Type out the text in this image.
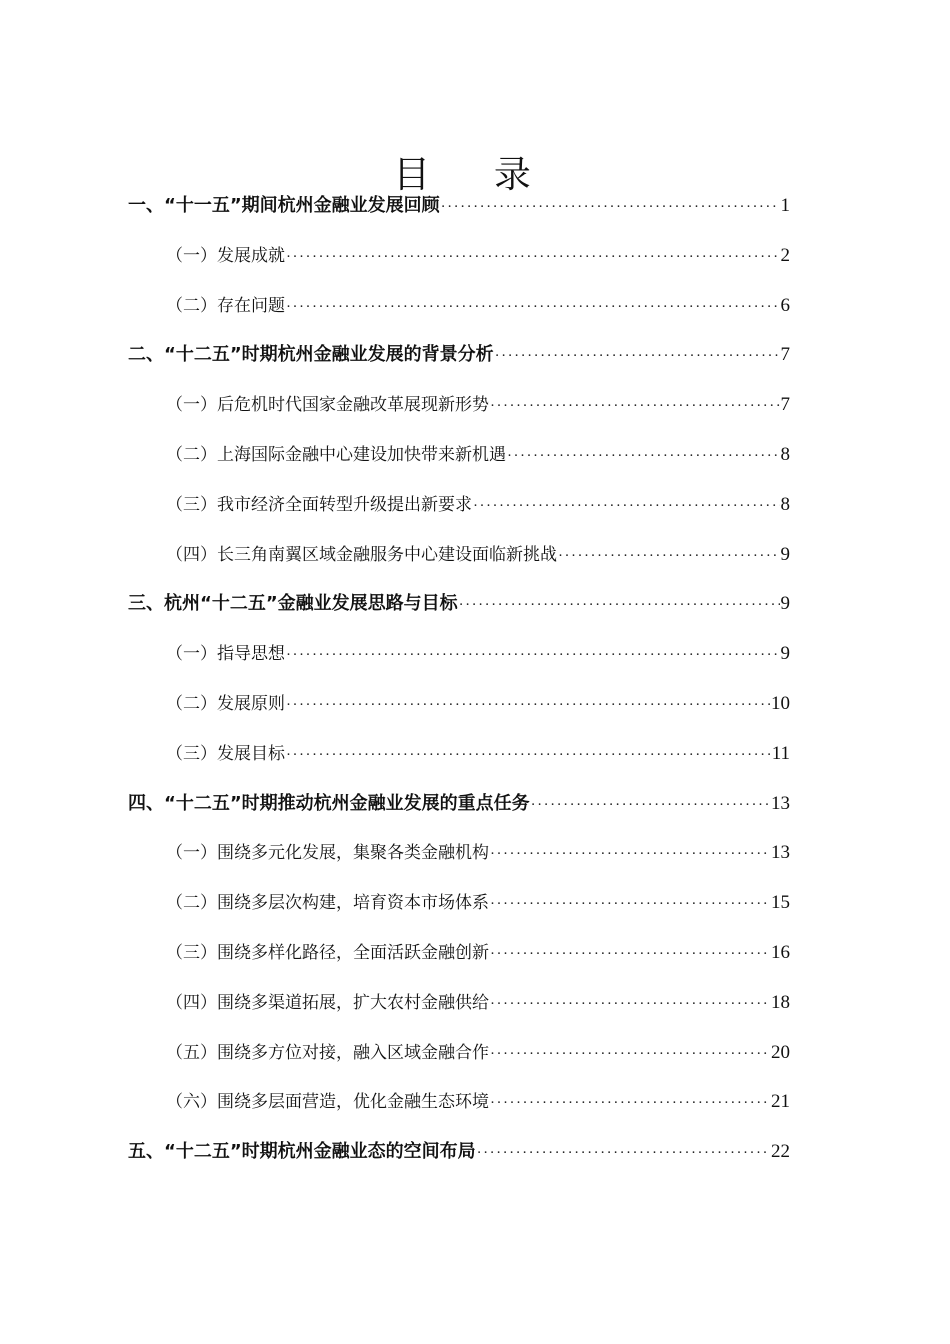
目 录
一、“十一五”期间杭州金融业发展回顾 ·····	1
（一）发展成就 ·····	2
（二）存在问题 ·····	6
二、“十二五”时期杭州金融业发展的背景分析 ·····	7
（一）后危机时代国家金融改革展现新形势 ·····	7
（二）上海国际金融中心建设加快带来新机遇 ·····	8
（三）我市经济全面转型升级提出新要求 ·····	8
（四）长三角南翼区域金融服务中心建设面临新挑战 ·····	9
三、杭州“十二五”金融业发展思路与目标 ·····	9
（一）指导思想 ·····	9
（二）发展原则 ·····	10
（三）发展目标 ·····	11
四、“十二五”时期推动杭州金融业发展的重点任务 ·····	13
（一）围绕多元化发展，集聚各类金融机构 ·····	13
（二）围绕多层次构建，培育资本市场体系 ·····	15
（三）围绕多样化路径，全面活跃金融创新 ·····	16
（四）围绕多渠道拓展，扩大农村金融供给 ·····	18
（五）围绕多方位对接，融入区域金融合作 ·····	20
（六）围绕多层面营造，优化金融生态环境 ·····	21
五、“十二五”时期杭州金融业态的空间布局 ·····	22
